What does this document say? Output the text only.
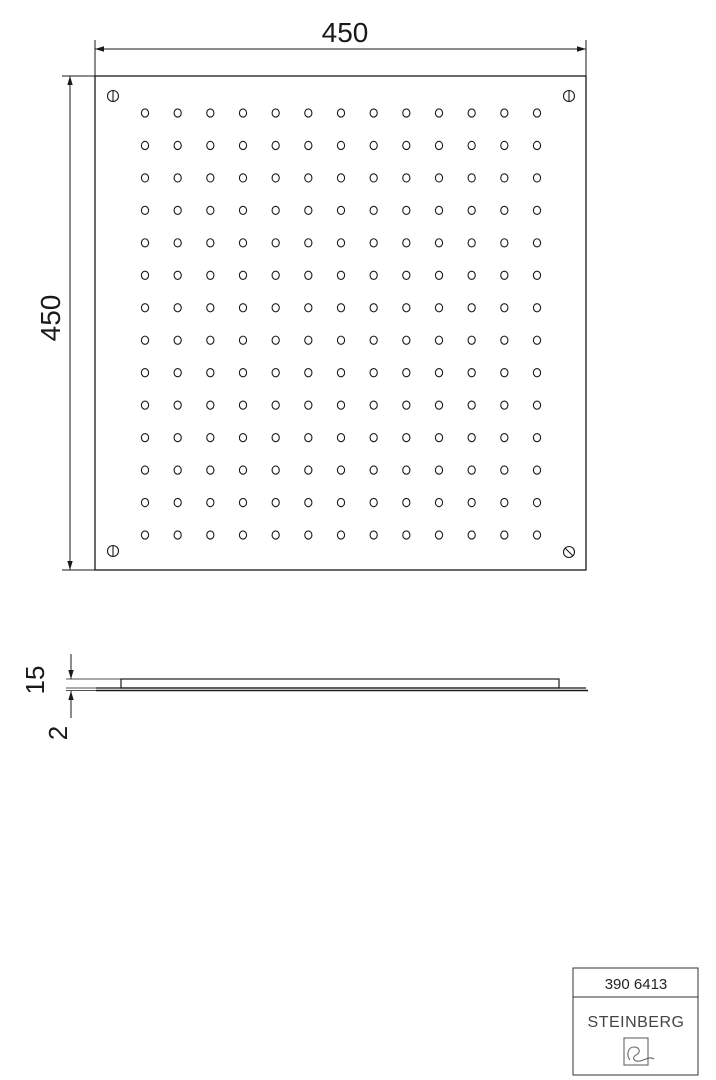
450
450
15
2
390 6413
STEINBERG
